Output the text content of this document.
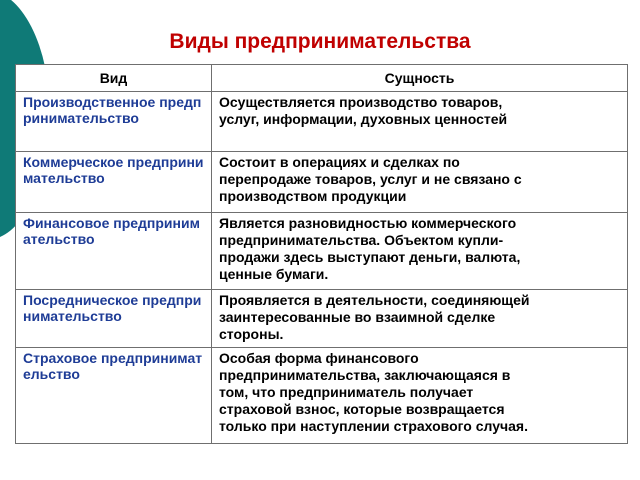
Виды предпринимательства
Вид	Сущность
Производственное предпринимательство	Осуществляется производство товаров,
услуг, информации, духовных ценностей

Коммерческое предпринимательство	Состоит в операциях и сделках по
перепродаже товаров, услуг и не связано с
производством продукции

Финансовое предпринимательство	Является разновидностью коммерческого
предпринимательства. Объектом купли-
продажи здесь выступают деньги, валюта,
ценные бумаги.

Посредническое предпринимательство	Проявляется в деятельности, соединяющей
заинтересованные во взаимной сделке
стороны.

Страховое предпринимательство	Особая форма финансового
предпринимательства, заключающаяся в
том, что предприниматель получает
страховой взнос, которые возвращается
только при наступлении страхового случая.
